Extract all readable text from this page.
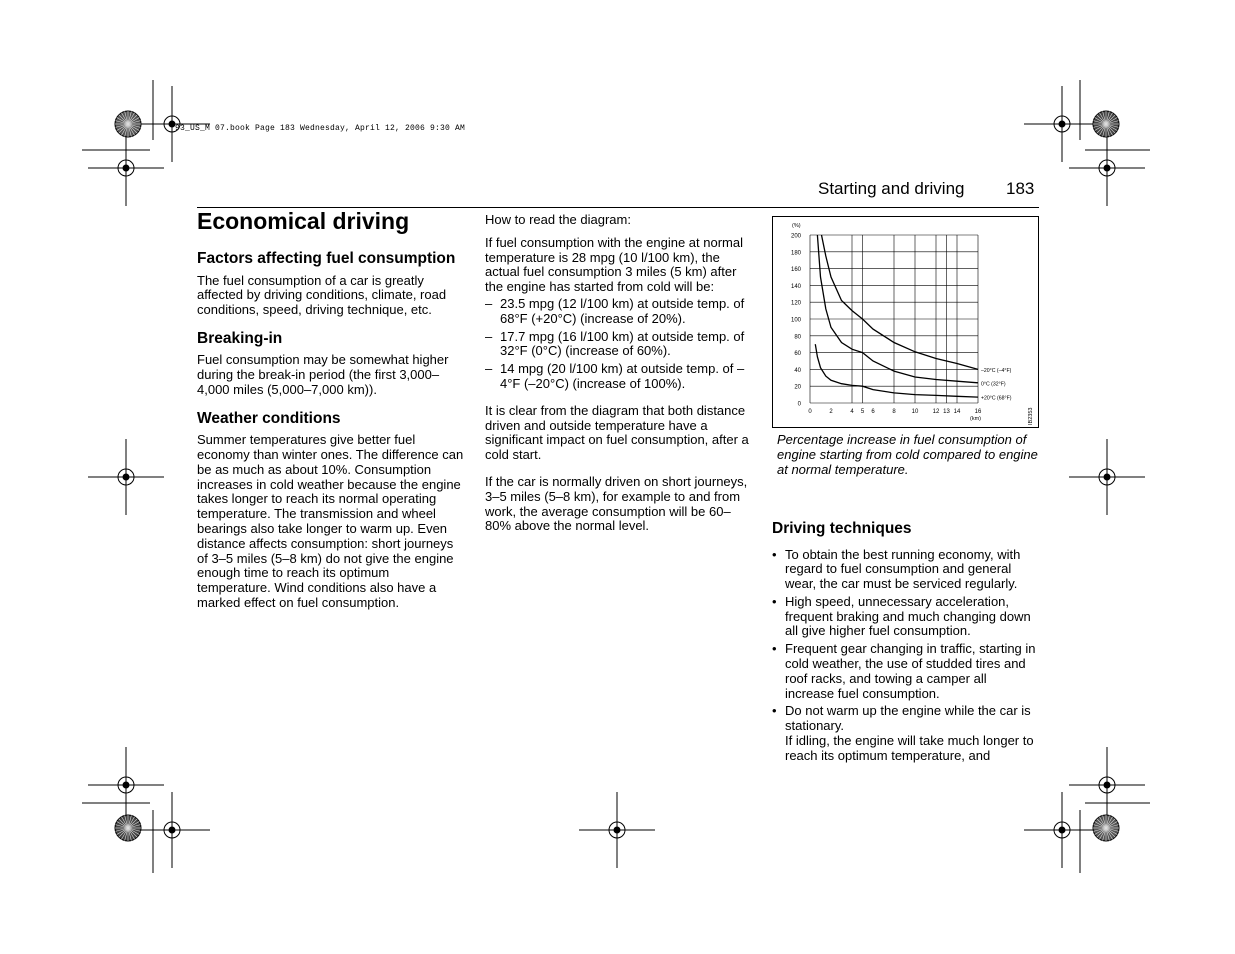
93_US_M 07.book Page 183 Wednesday, April 12, 2006 9:30 AM
Starting and driving 183
Economical driving
Factors affecting fuel consumption

The fuel consumption of a car is greatly affected by driving conditions, climate, road conditions, speed, driving technique, etc.

Breaking-in

Fuel consumption may be somewhat higher during the break-in period (the first 3,000–4,000 miles (5,000–7,000 km)).

Weather conditions

Summer temperatures give better fuel economy than winter ones. The difference can be as much as about 10%. Consumption increases in cold weather because the engine takes longer to reach its normal operating temperature. The transmission and wheel bearings also take longer to warm up. Even distance affects consumption: short journeys of 3–5 miles (5–8 km) do not give the engine enough time to reach its optimum temperature. Wind conditions also have a marked effect on fuel consumption.

How to read the diagram:

If fuel consumption with the engine at normal temperature is 28 mpg (10 l/100 km), the actual fuel consumption 3 miles (5 km) after the engine has started from cold will be:

– 23.5 mpg (12 l/100 km) at outside temp. of 68°F (+20°C) (increase of 20%).
– 17.7 mpg (16 l/100 km) at outside temp. of 32°F (0°C) (increase of 60%).
– 14 mpg (20 l/100 km) at outside temp. of –4°F (–20°C) (increase of 100%).

It is clear from the diagram that both distance driven and outside temperature have a significant impact on fuel consumption, after a cold start.

If the car is normally driven on short journeys, 3–5 miles (5–8 km), for example to and from work, the average consumption will be 60–80% above the normal level.

0
20
40
60
80
100
120
140
160
180
200
0	2	4 5 6	8	10 12 13 14 16
(%)
(km)
–20°C (–4°F)
0°C (32°F)
+20°C (68°F)
IB2353
Percentage increase in fuel consumption of engine starting from cold compared to engine at normal temperature.
Driving techniques
• To obtain the best running economy, with regard to fuel consumption and general wear, the car must be serviced regularly.
• High speed, unnecessary acceleration, frequent braking and much changing down all give higher fuel consumption.
• Frequent gear changing in traffic, starting in cold weather, the use of studded tires and roof racks, and towing a camper all increase fuel consumption.
• Do not warm up the engine while the car is stationary.
If idling, the engine will take much longer to reach its optimum temperature, and
